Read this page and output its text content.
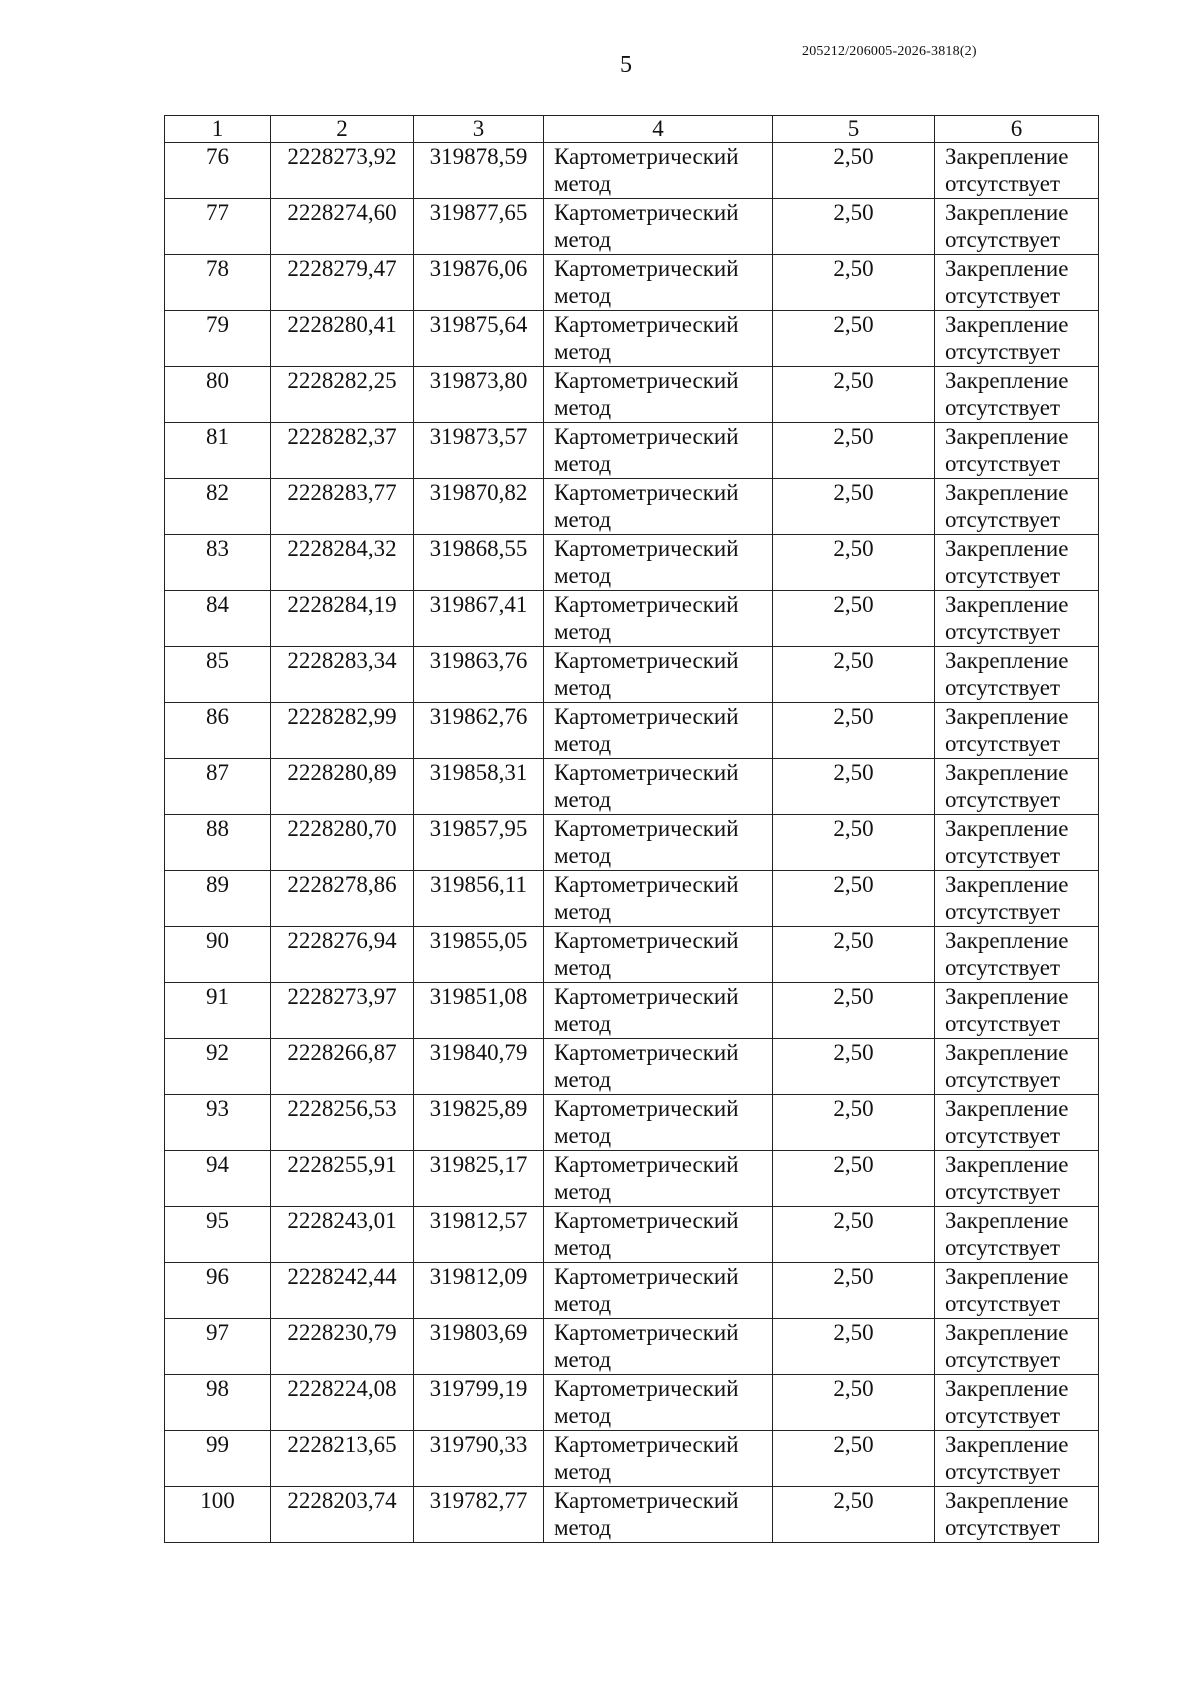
5
205212/206005-2026-3818(2)
1	2	3	4	5	6
76	2228273,92	319878,59	Картометрический
метод	2,50	Закрепление
отсутствует

77	2228274,60	319877,65	Картометрический
метод	2,50	Закрепление
отсутствует

78	2228279,47	319876,06	Картометрический
метод	2,50	Закрепление
отсутствует

79	2228280,41	319875,64	Картометрический
метод	2,50	Закрепление
отсутствует

80	2228282,25	319873,80	Картометрический
метод	2,50	Закрепление
отсутствует

81	2228282,37	319873,57	Картометрический
метод	2,50	Закрепление
отсутствует

82	2228283,77	319870,82	Картометрический
метод	2,50	Закрепление
отсутствует

83	2228284,32	319868,55	Картометрический
метод	2,50	Закрепление
отсутствует

84	2228284,19	319867,41	Картометрический
метод	2,50	Закрепление
отсутствует

85	2228283,34	319863,76	Картометрический
метод	2,50	Закрепление
отсутствует

86	2228282,99	319862,76	Картометрический
метод	2,50	Закрепление
отсутствует

87	2228280,89	319858,31	Картометрический
метод	2,50	Закрепление
отсутствует

88	2228280,70	319857,95	Картометрический
метод	2,50	Закрепление
отсутствует

89	2228278,86	319856,11	Картометрический
метод	2,50	Закрепление
отсутствует

90	2228276,94	319855,05	Картометрический
метод	2,50	Закрепление
отсутствует

91	2228273,97	319851,08	Картометрический
метод	2,50	Закрепление
отсутствует

92	2228266,87	319840,79	Картометрический
метод	2,50	Закрепление
отсутствует

93	2228256,53	319825,89	Картометрический
метод	2,50	Закрепление
отсутствует

94	2228255,91	319825,17	Картометрический
метод	2,50	Закрепление
отсутствует

95	2228243,01	319812,57	Картометрический
метод	2,50	Закрепление
отсутствует

96	2228242,44	319812,09	Картометрический
метод	2,50	Закрепление
отсутствует

97	2228230,79	319803,69	Картометрический
метод	2,50	Закрепление
отсутствует

98	2228224,08	319799,19	Картометрический
метод	2,50	Закрепление
отсутствует

99	2228213,65	319790,33	Картометрический
метод	2,50	Закрепление
отсутствует

100	2228203,74	319782,77	Картометрический
метод	2,50	Закрепление
отсутствует
